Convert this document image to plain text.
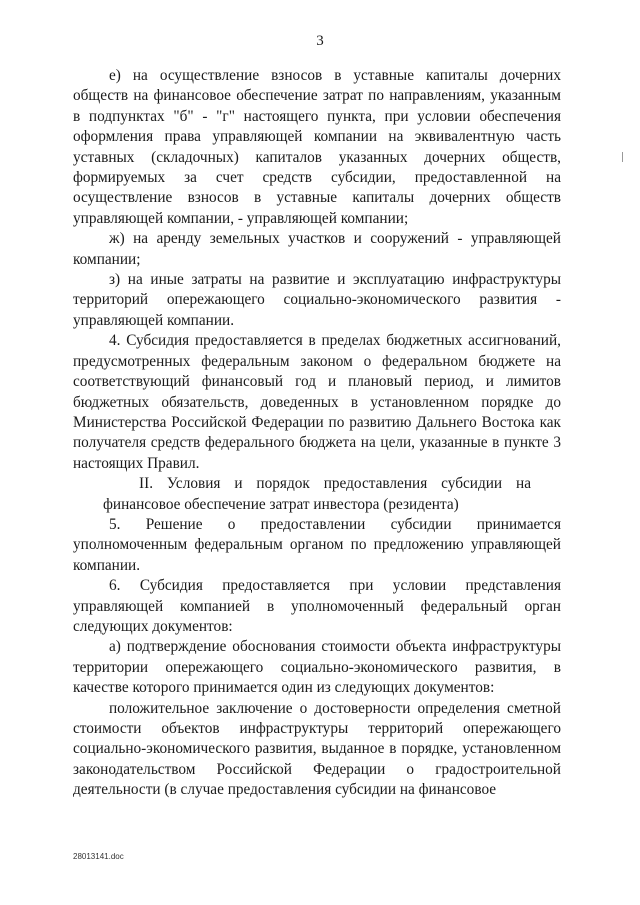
3

е) на осуществление взносов в уставные капиталы дочерних обществ на финансовое обеспечение затрат по направлениям, указанным в подпунктах "б" - "г" настоящего пункта, при условии обеспечения оформления права управляющей компании на эквивалентную часть уставных (складочных) капиталов указанных дочерних обществ, формируемых за счет средств субсидии, предоставленной на осуществление взносов в уставные капиталы дочерних обществ управляющей компании, - управляющей компании;

ж) на аренду земельных участков и сооружений - управляющей компании;

з) на иные затраты на развитие и эксплуатацию инфраструктуры территорий опережающего социально-экономического развития - управляющей компании.

4. Субсидия предоставляется в пределах бюджетных ассигнований, предусмотренных федеральным законом о федеральном бюджете на соответствующий финансовый год и плановый период, и лимитов бюджетных обязательств, доведенных в установленном порядке до Министерства Российской Федерации по развитию Дальнего Востока как получателя средств федерального бюджета на цели, указанные в пункте 3 настоящих Правил.

II. Условия и порядок предоставления субсидии на финансовое обеспечение затрат инвестора (резидента)

5. Решение о предоставлении субсидии принимается уполномоченным федеральным органом по предложению управляющей компании.

6. Субсидия предоставляется при условии представления управляющей компанией в уполномоченный федеральный орган следующих документов:

а) подтверждение обоснования стоимости объекта инфраструктуры территории опережающего социально-экономического развития, в качестве которого принимается один из следующих документов:

положительное заключение о достоверности определения сметной стоимости объектов инфраструктуры территорий опережающего социально-экономического развития, выданное в порядке, установленном законодательством Российской Федерации о градостроительной деятельности (в случае предоставления субсидии на финансовое

28013141.doc
